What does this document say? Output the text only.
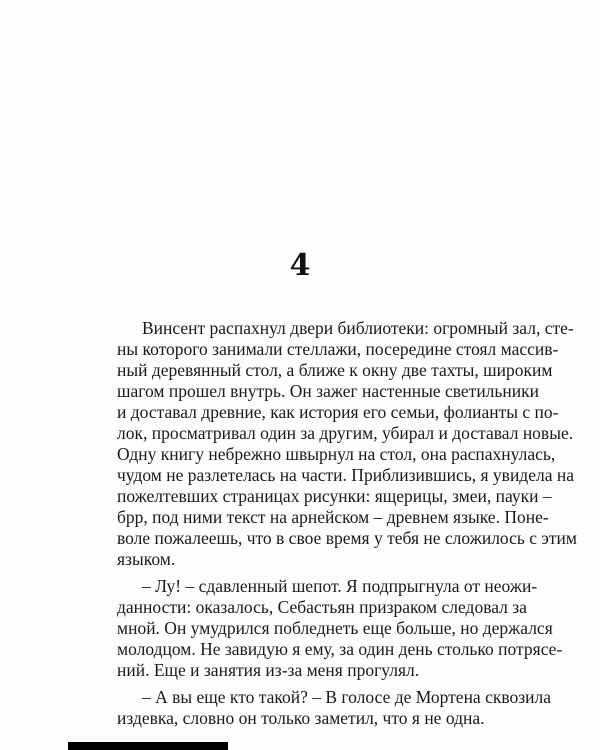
4
Винсент распахнул двери библиотеки: огромный зал, сте-
ны которого занимали стеллажи, посередине стоял массив-
ный деревянный стол, а ближе к окну две тахты, широким
шагом прошел внутрь. Он зажег настенные светильники
и доставал древние, как история его семьи, фолианты с по-
лок, просматривал один за другим, убирал и доставал новые.
Одну книгу небрежно швырнул на стол, она распахнулась,
чудом не разлетелась на части. Приблизившись, я увидела на
пожелтевших страницах рисунки: ящерицы, змеи, пауки –
брр, под ними текст на арнейском – древнем языке. Поне-
воле пожалеешь, что в свое время у тебя не сложилось с этим
языком.
– Лу! – сдавленный шепот. Я подпрыгнула от неожи-
данности: оказалось, Себастьян призраком следовал за
мной. Он умудрился побледнеть еще больше, но держался
молодцом. Не завидую я ему, за один день столько потрясе-
ний. Еще и занятия из-за меня прогулял.
– А вы еще кто такой? – В голосе де Мортена сквозила
издевка, словно он только заметил, что я не одна.
